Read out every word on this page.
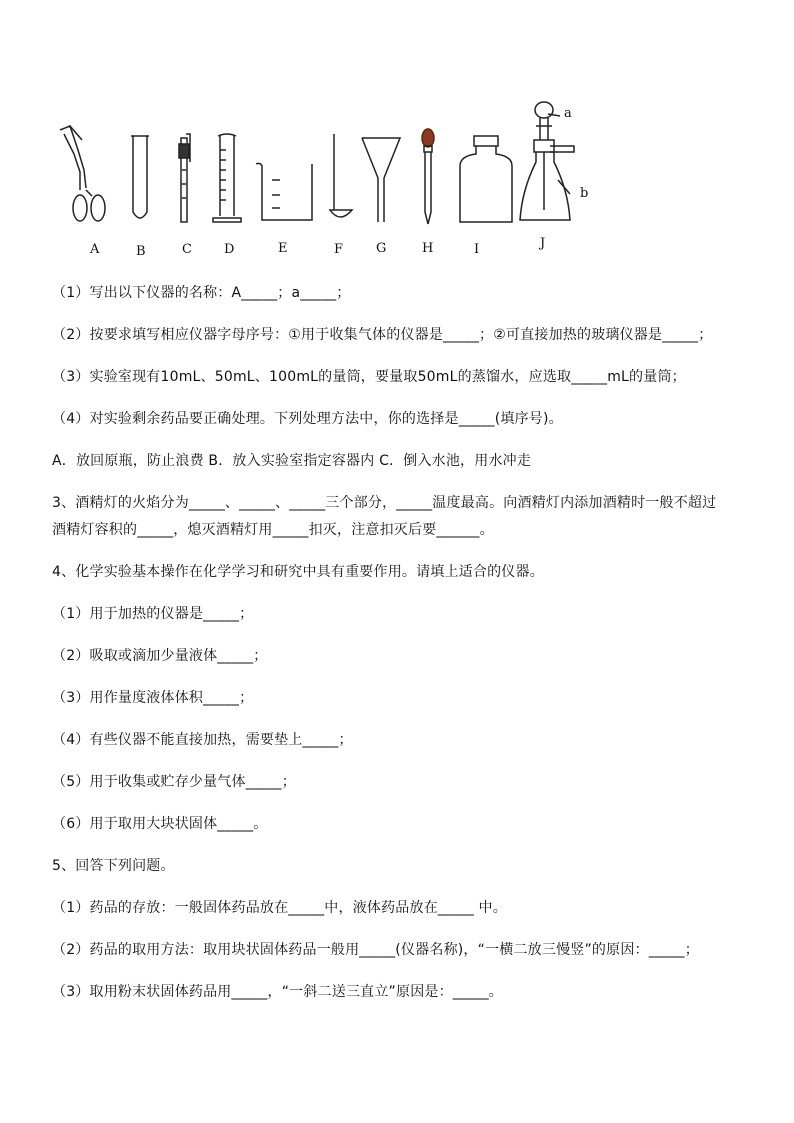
A	B	C D	E	F	G	H	I	J
a
b
（1）写出以下仪器的名称：A_____；a_____；
（2）按要求填写相应仪器字母序号：①用于收集气体的仪器是_____；②可直接加热的玻璃仪器是_____；
（3）实验室现有10mL、50mL、100mL的量筒，要量取50mL的蒸馏水，应选取_____mL的量筒；
（4）对实验剩余药品要正确处理。下列处理方法中，你的选择是_____(填序号)。
A．放回原瓶，防止浪费 B．放入实验室指定容器内 C．倒入水池，用水冲走
3、酒精灯的火焰分为_____、_____、_____三个部分，_____温度最高。向酒精灯内添加酒精时一般不超过
酒精灯容积的_____，熄灭酒精灯用_____扣灭，注意扣灭后要______。
4、化学实验基本操作在化学学习和研究中具有重要作用。请填上适合的仪器。
（1）用于加热的仪器是_____；
（2）吸取或滴加少量液体_____；
（3）用作量度液体体积_____；
（4）有些仪器不能直接加热，需要垫上_____；
（5）用于收集或贮存少量气体_____；
（6）用于取用大块状固体_____。
5、回答下列问题。
（1）药品的存放：一般固体药品放在_____中，液体药品放在_____ 中。
（2）药品的取用方法：取用块状固体药品一般用_____(仪器名称)，“一横二放三慢竖”的原因：_____；
（3）取用粉末状固体药品用_____，“一斜二送三直立”原因是：_____。
